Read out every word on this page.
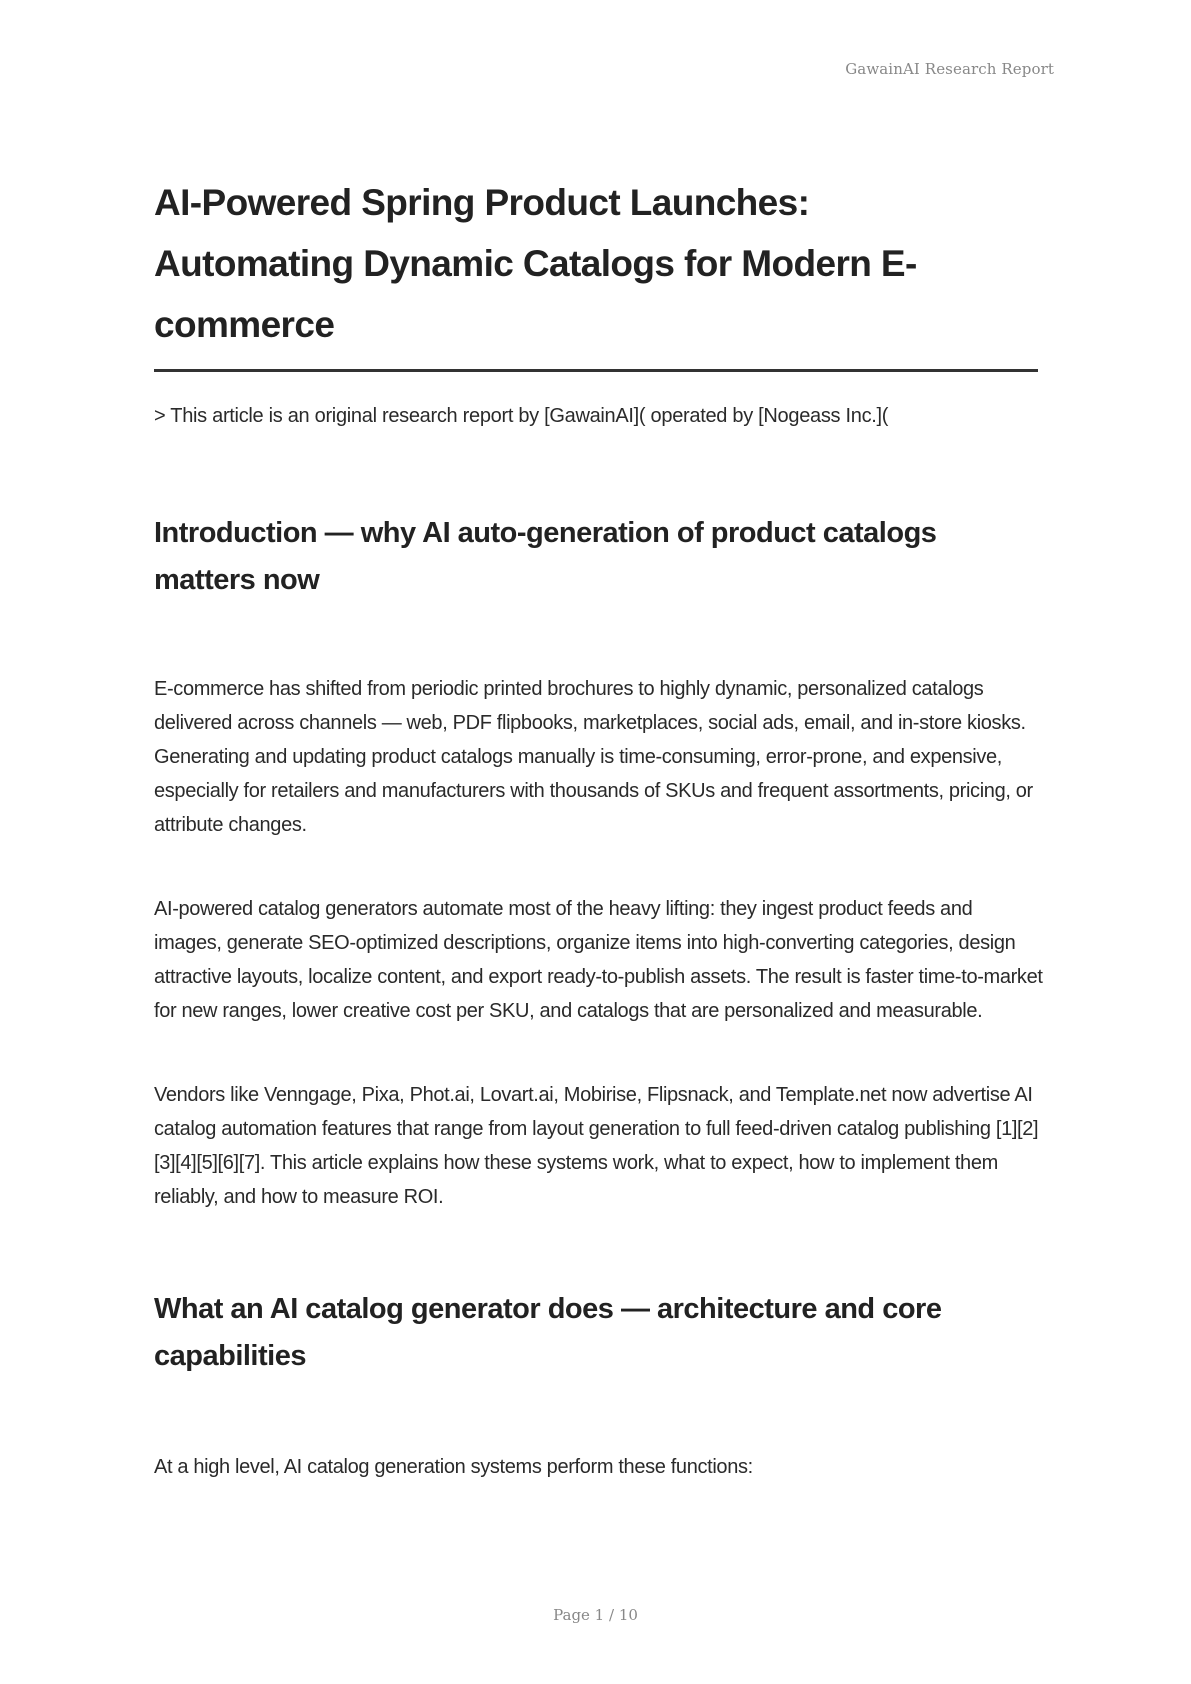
GawainAI Research Report
AI-Powered Spring Product Launches: Automating Dynamic Catalogs for Modern E-commerce

> This article is an original research report by [GawainAI]( operated by [Nogeass Inc.](

Introduction — why AI auto-generation of product catalogs matters now

E-commerce has shifted from periodic printed brochures to highly dynamic, personalized catalogs delivered across channels — web, PDF flipbooks, marketplaces, social ads, email, and in-store kiosks. Generating and updating product catalogs manually is time-consuming, error-prone, and expensive, especially for retailers and manufacturers with thousands of SKUs and frequent assortments, pricing, or attribute changes.

AI-powered catalog generators automate most of the heavy lifting: they ingest product feeds and images, generate SEO-optimized descriptions, organize items into high-converting categories, design attractive layouts, localize content, and export ready-to-publish assets. The result is faster time-to-market for new ranges, lower creative cost per SKU, and catalogs that are personalized and measurable.

Vendors like Venngage, Pixa, Phot.ai, Lovart.ai, Mobirise, Flipsnack, and Template.net now advertise AI catalog automation features that range from layout generation to full feed-driven catalog publishing [1][2][3][4][5][6][7]. This article explains how these systems work, what to expect, how to implement them reliably, and how to measure ROI.

What an AI catalog generator does — architecture and core capabilities

At a high level, AI catalog generation systems perform these functions:

Page 1 / 10
